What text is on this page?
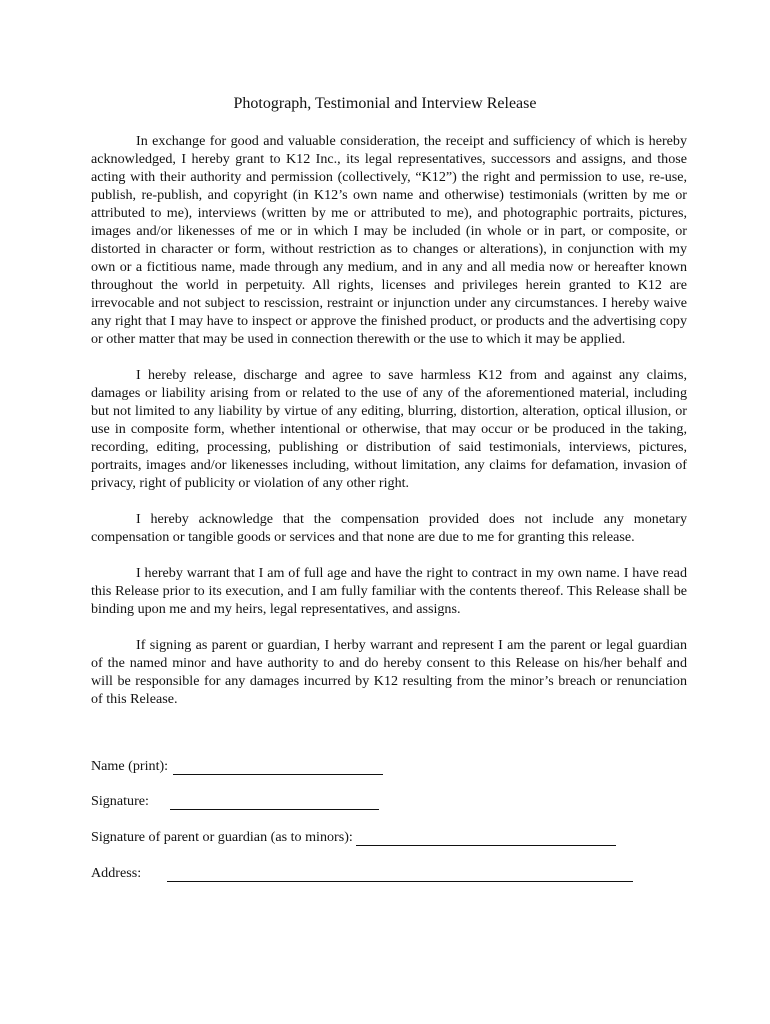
Photograph, Testimonial and Interview Release

In exchange for good and valuable consideration, the receipt and sufficiency of which is hereby acknowledged, I hereby grant to K12 Inc., its legal representatives, successors and assigns, and those acting with their authority and permission (collectively, “K12”) the right and permission to use, re-use, publish, re-publish, and copyright (in K12’s own name and otherwise) testimonials (written by me or attributed to me), interviews (written by me or attributed to me), and photographic portraits, pictures, images and/or likenesses of me or in which I may be included (in whole or in part, or composite, or distorted in character or form, without restriction as to changes or alterations), in conjunction with my own or a fictitious name, made through any medium, and in any and all media now or hereafter known throughout the world in perpetuity. All rights, licenses and privileges herein granted to K12 are irrevocable and not subject to rescission, restraint or injunction under any circumstances. I hereby waive any right that I may have to inspect or approve the finished product, or products and the advertising copy or other matter that may be used in connection therewith or the use to which it may be applied.

I hereby release, discharge and agree to save harmless K12 from and against any claims, damages or liability arising from or related to the use of any of the aforementioned material, including but not limited to any liability by virtue of any editing, blurring, distortion, alteration, optical illusion, or use in composite form, whether intentional or otherwise, that may occur or be produced in the taking, recording, editing, processing, publishing or distribution of said testimonials, interviews, pictures, portraits, images and/or likenesses including, without limitation, any claims for defamation, invasion of privacy, right of publicity or violation of any other right.

I hereby acknowledge that the compensation provided does not include any monetary compensation or tangible goods or services and that none are due to me for granting this release.

I hereby warrant that I am of full age and have the right to contract in my own name. I have read this Release prior to its execution, and I am fully familiar with the contents thereof. This Release shall be binding upon me and my heirs, legal representatives, and assigns.

If signing as parent or guardian, I herby warrant and represent I am the parent or legal guardian of the named minor and have authority to and do hereby consent to this Release on his/her behalf and will be responsible for any damages incurred by K12 resulting from the minor’s breach or renunciation of this Release.

Name (print):
Signature:
Signature of parent or guardian (as to minors):
Address:
